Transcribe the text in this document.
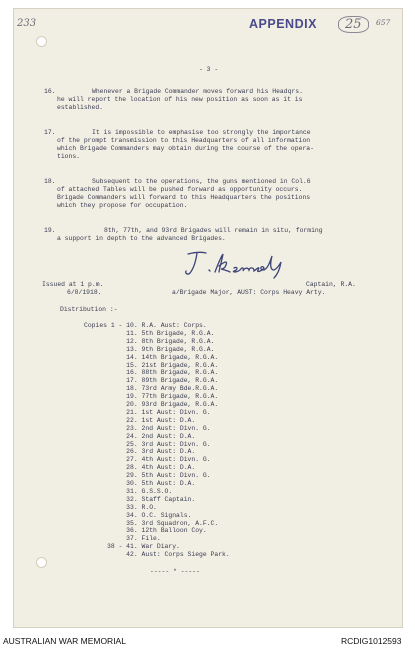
233	APPENDIX	25	657
- 3 -
16.	Whenever a Brigade Commander moves forward his Headqrs.
he will report the location of his new position as soon as it is
established.
17.	It is impossible to emphasise too strongly the importance
of the prompt transmission to this Headquarters of all information
which Brigade Commanders may obtain during the course of the opera-
tions.
18.	Subsequent to the operations, the guns mentioned in Col.6
of attached Tables will be pushed forward as opportunity occurs.
Brigade Commanders will forward to this Headquarters the positions
which they propose for occupation.
19.	8th, 77th, and 93rd Brigades will remain in situ, forming
a support in depth to the advanced Brigades.
Captain, R.A.
a/Brigade Major, AUST: Corps Heavy Arty.
Issued at 1 p.m.
6/8/1918.
Distribution :-
Copies 1 - 10. R.A. Aust: Corps.
11. 5th Brigade, R.G.A.
12. 8th Brigade, R.G.A.
13. 9th Brigade, R.G.A.
14. 14th Brigade, R.G.A.
15. 21st Brigade, R.G.A.
16. 88th Brigade, R.G.A.
17. 89th Brigade, R.G.A.
18. 73rd Army Bde.R.G.A.
19. 77th Brigade, R.G.A.
20. 93rd Brigade, R.G.A.
21. 1st Aust: Divn. G.
22. 1st Aust: D.A.
23. 2nd Aust: Divn. G.
24. 2nd Aust: D.A.
25. 3rd Aust: Divn. G.
26. 3rd Aust: D.A.
27. 4th Aust: Divn. G.
28. 4th Aust: D.A.
29. 5th Aust: Divn. G.
30. 5th Aust: D.A.
31. G.S.S.O.
32. Staff Captain.
33. R.O.
34. O.C. Signals.
35. 3rd Squadron, A.F.C.
36. 12th Balloon Coy.
37. File.
38 - 41. War Diary.
42. Aust: Corps Siege Park.
----- * -----
AUSTRALIAN WAR MEMORIAL	RCDIG1012593
